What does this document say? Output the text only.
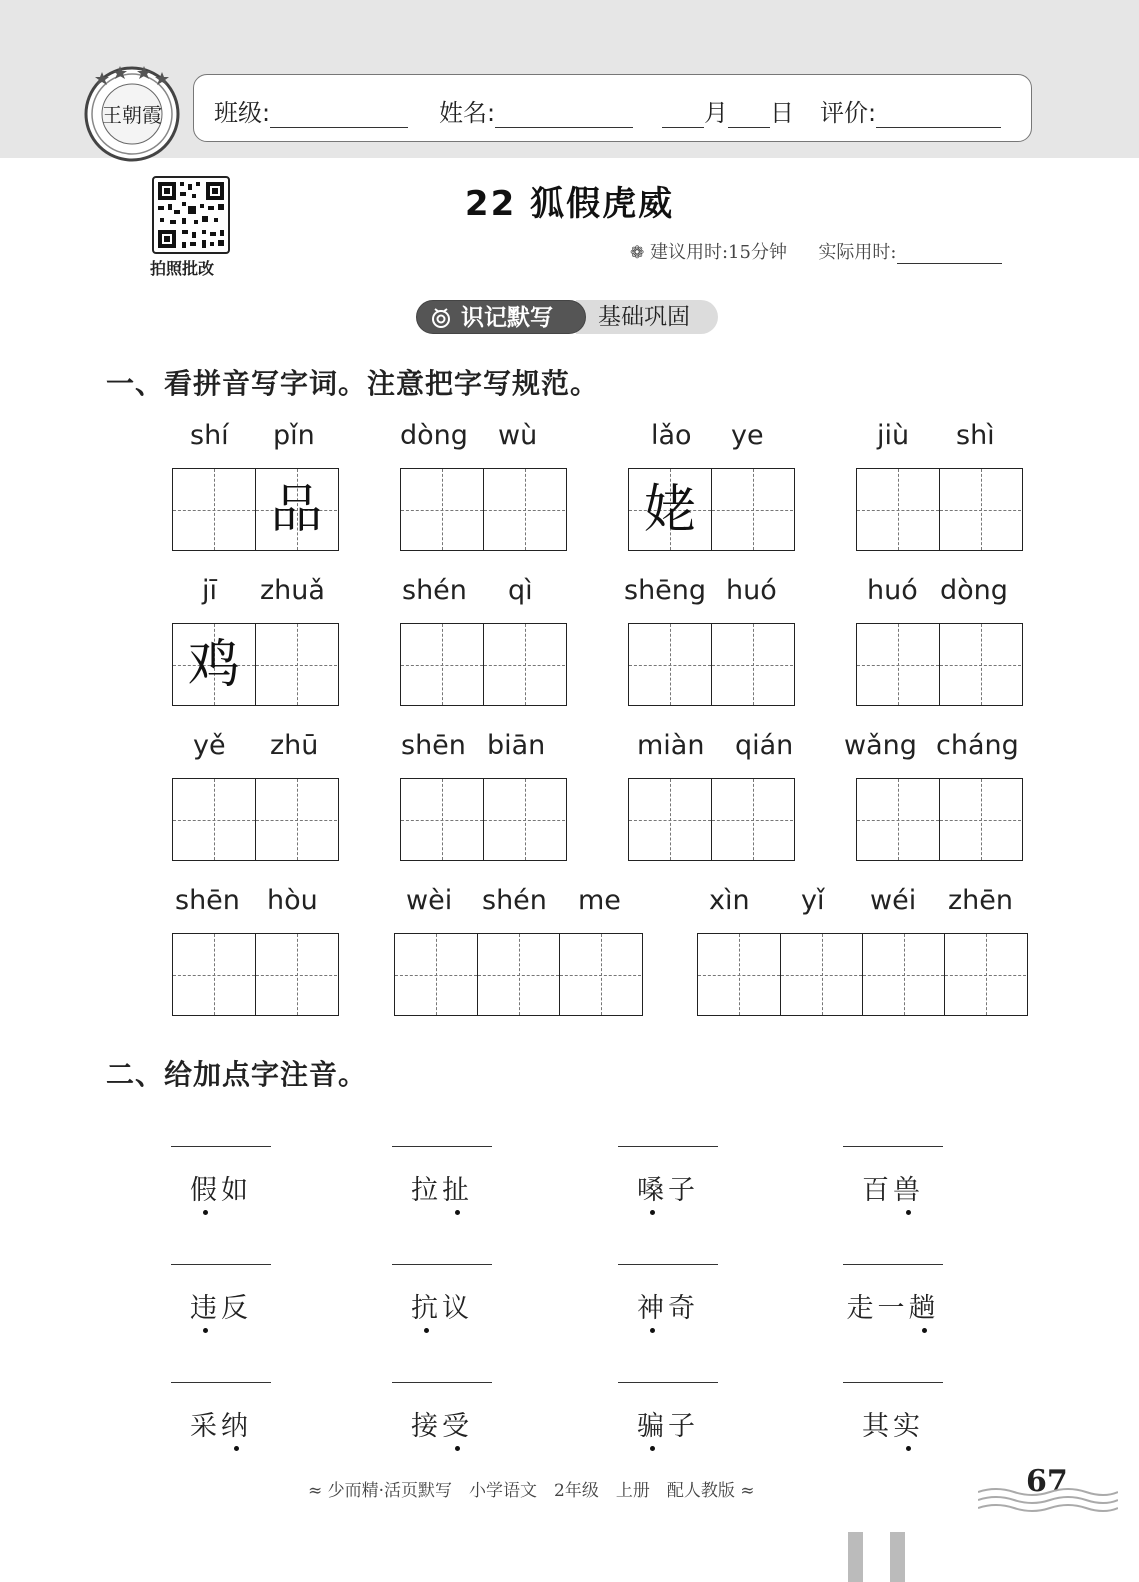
王朝霞 班级:	姓名:	月 日 评价:
拍照批改
22 狐假虎威
❁ 建议用时:15分钟 实际用时:
基础巩固
识记默写
一、看拼音写字词。注意把字写规范。
shí pǐn
品
dòng wù	lǎo ye
姥
jiù shì
jī zhuǎ
鸡
shén qì	shēng huó	huó dòng
yě zhū	shēn biān	miàn qián wǎng cháng
shēn hòu	wèi shén me	xìn yǐ wéi zhēn
二、给加点字注音。
假如	拉扯	嗓子	百兽
违反	抗议	神奇	走一趟
采纳	接受	骗子	其实
≈ 少而精·活页默写　小学语文　2年级　上册　配人教版 ≈	67
